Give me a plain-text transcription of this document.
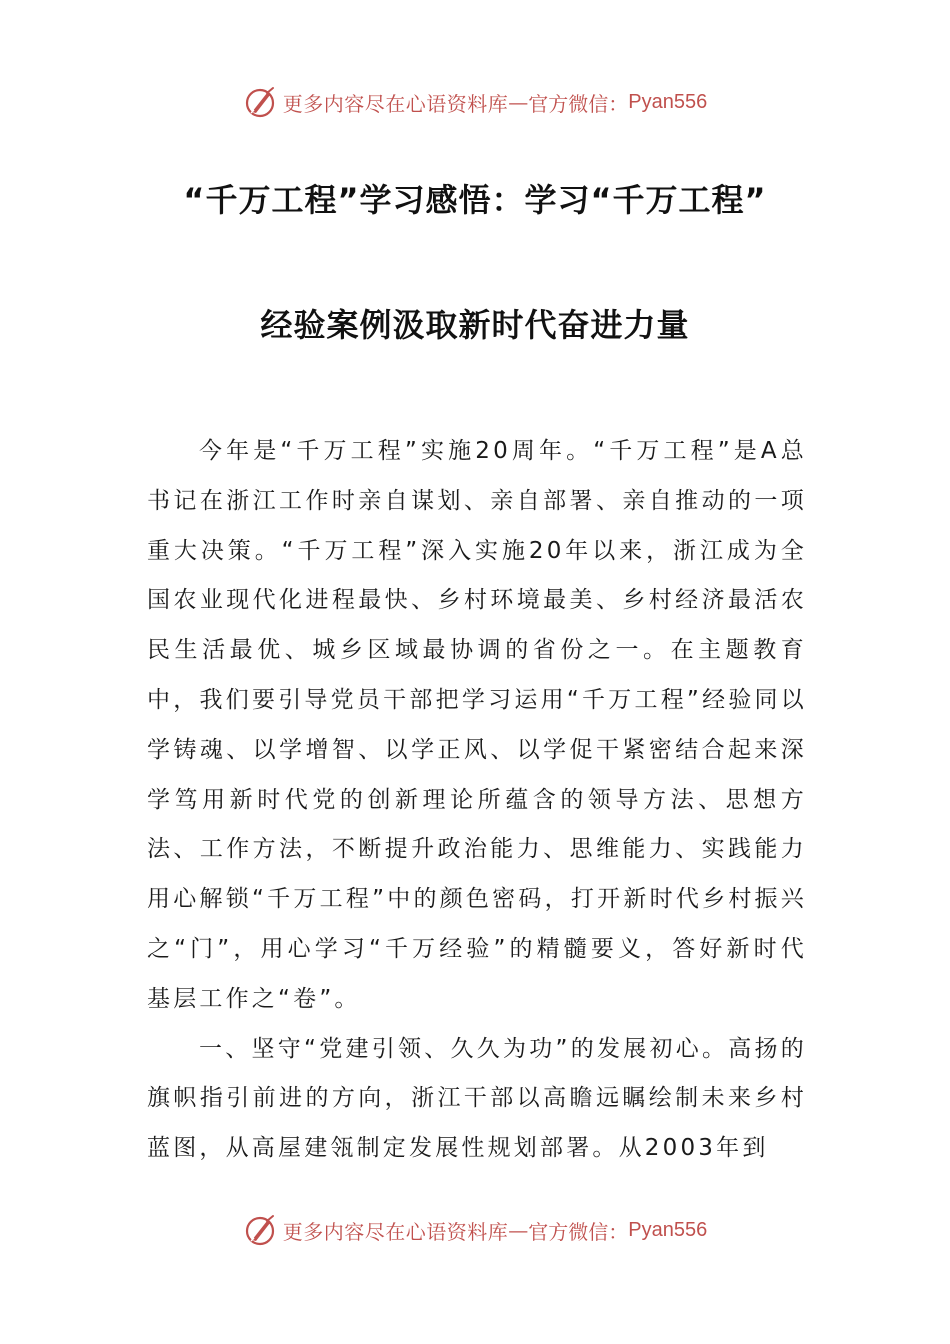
更多内容尽在心语资料库 — 官方微信： Pyan556
“千万工程”学习感悟：学习“千万工程”
经验案例汲取新时代奋进力量

今年是“千万工程”实施20周年。“千万工程”是A总书记在浙江工作时亲自谋划、亲自部署、亲自推动的一项重大决策。“千万工程”深入实施20年以来，浙江成为全国农业现代化进程最快、乡村环境最美、乡村经济最活农民生活最优、城乡区域最协调的省份之一。在主题教育中，我们要引导党员干部把学习运用“千万工程”经验同以学铸魂、以学增智、以学正风、以学促干紧密结合起来深学笃用新时代党的创新理论所蕴含的领导方法、思想方法、工作方法，不断提升政治能力、思维能力、实践能力用心解锁“千万工程”中的颜色密码，打开新时代乡村振兴之“门”，用心学习“千万经验”的精髓要义，答好新时代基层工作之“卷”。

一、坚守“党建引领、久久为功”的发展初心。高扬的旗帜指引前进的方向，浙江干部以高瞻远瞩绘制未来乡村蓝图，从高屋建瓴制定发展性规划部署。从2003年到

更多内容尽在心语资料库 — 官方微信： Pyan556
